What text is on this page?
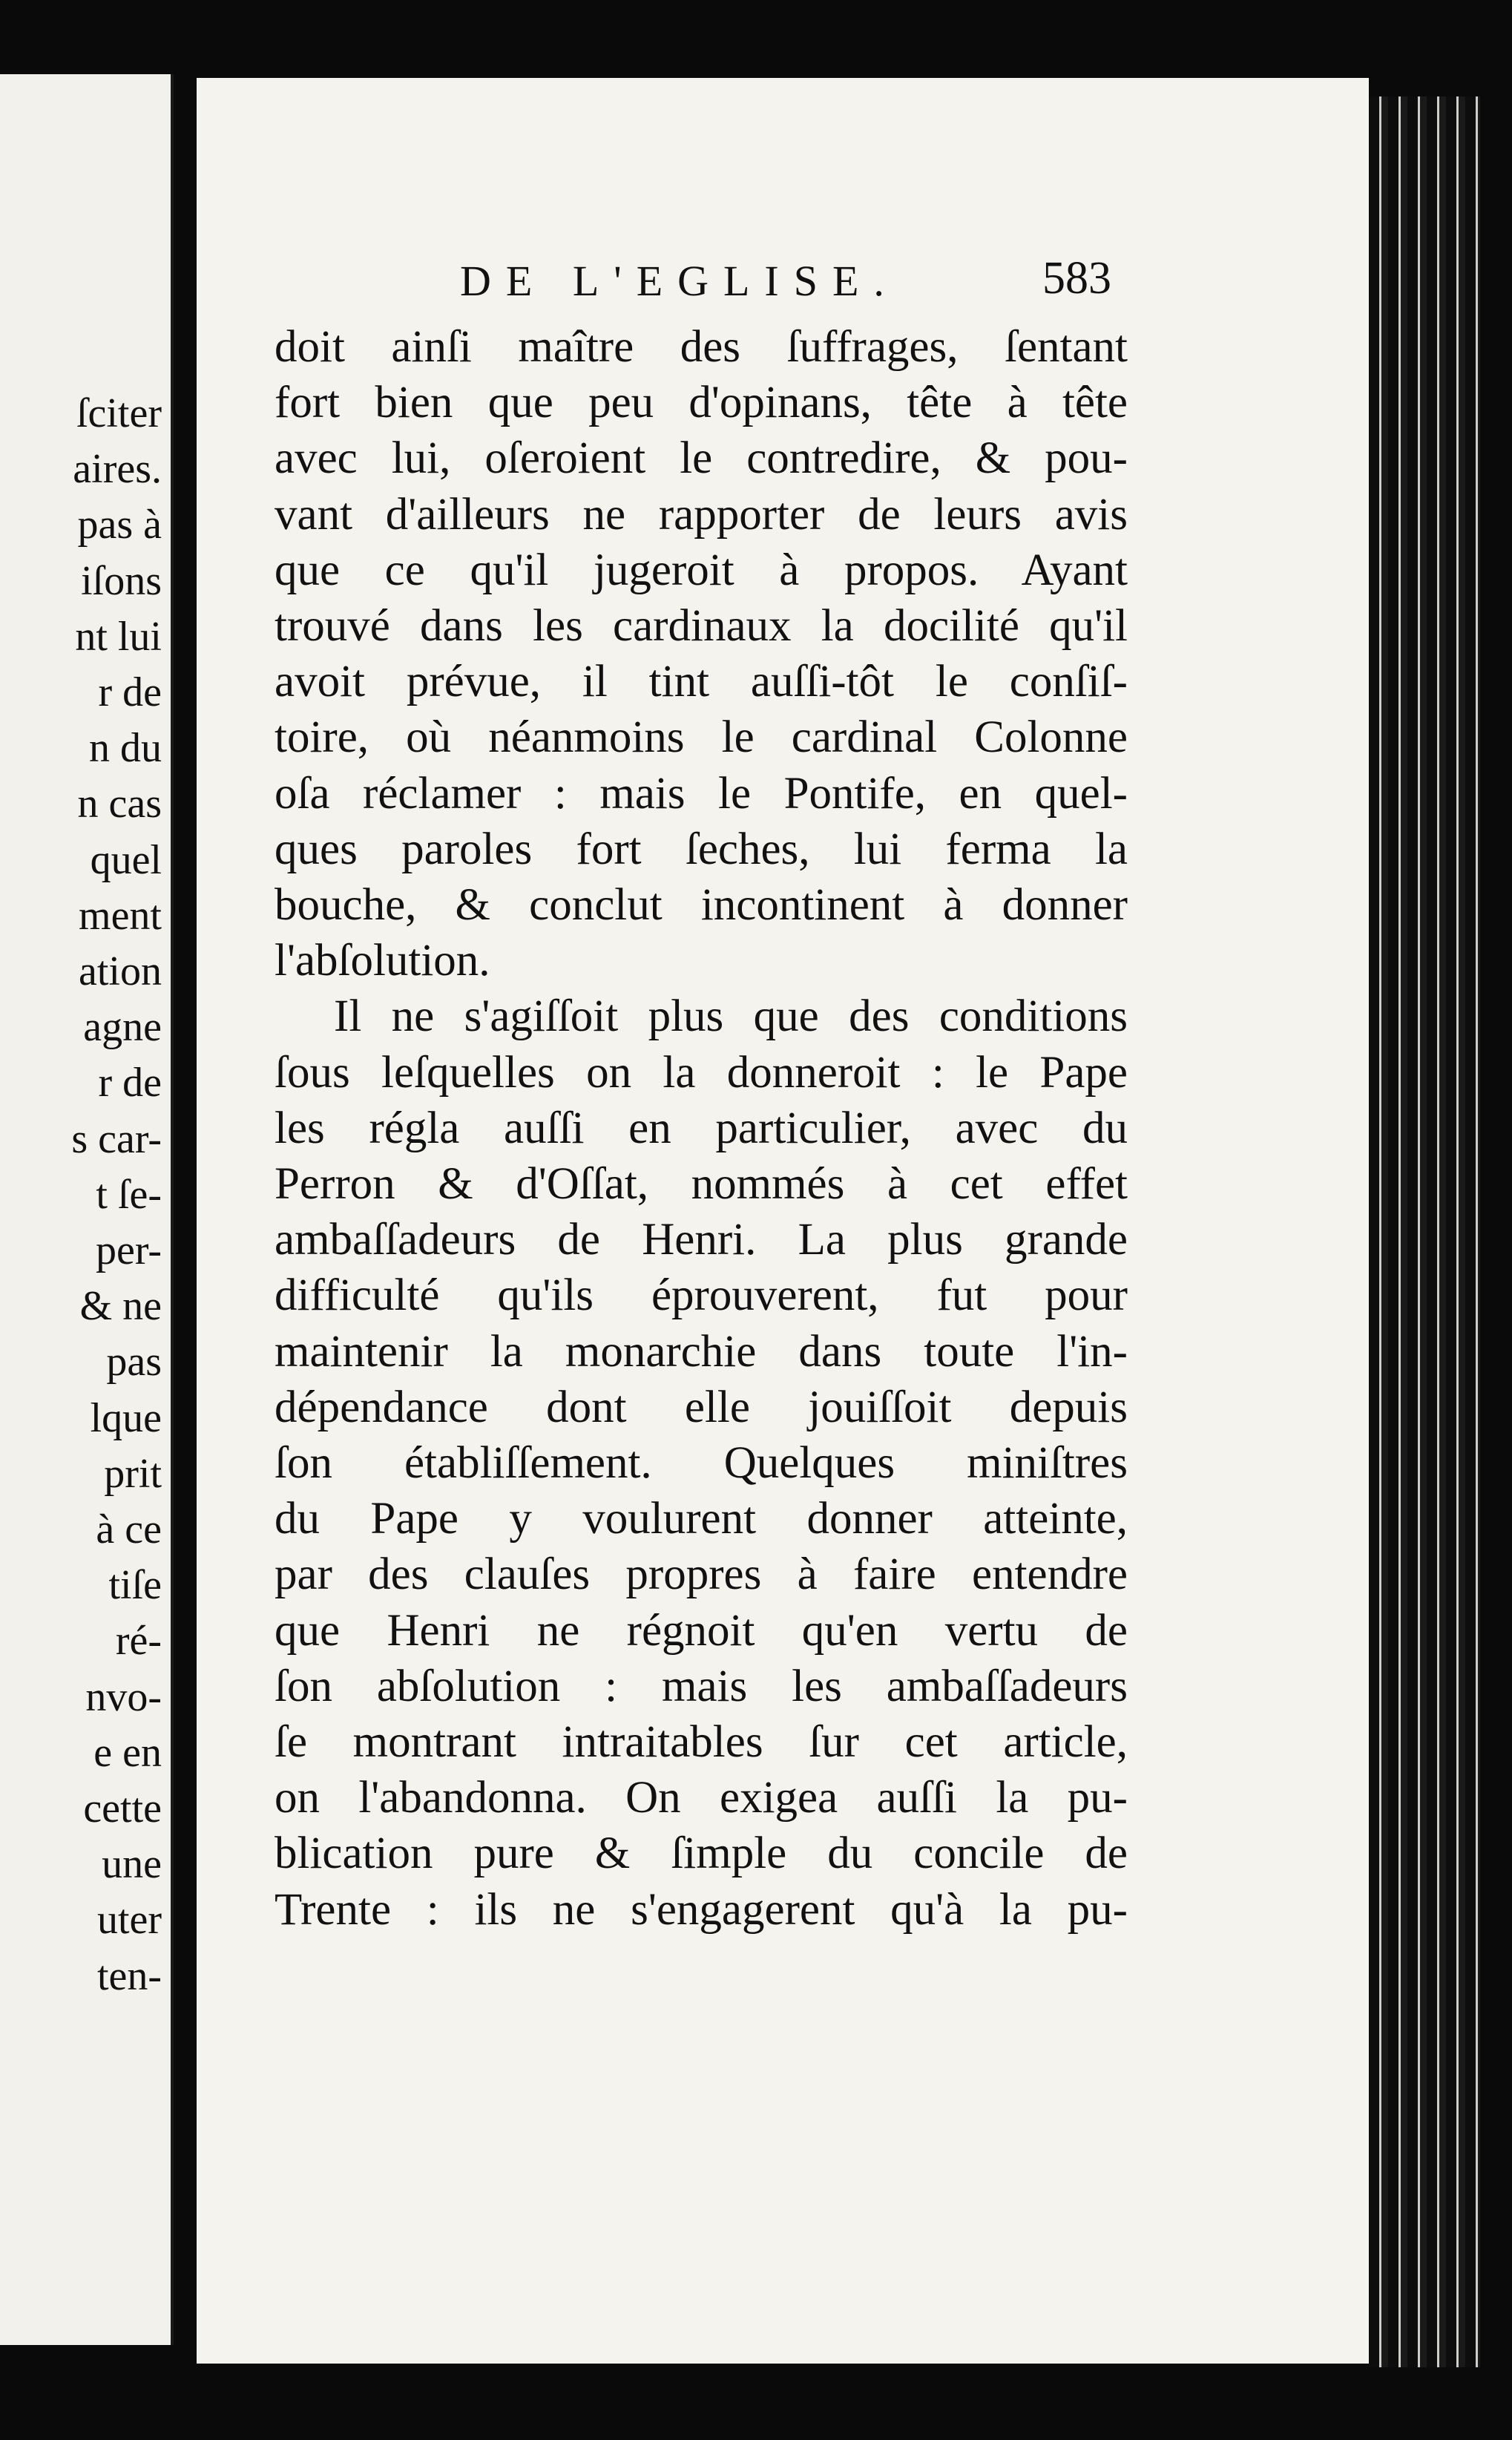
ſciter
aires.
pas à
iſons
nt lui
r de
n du
n cas
quel
ment
ation
agne
r de
s car-
t ſe-
per-
& ne
pas
lque
prit
à ce
tiſe
ré-
nvo-
e en
cette
une
uter
ten-
DE L'EGLISE.	583
doit ainſi maître des ſuffrages, ſentant
fort bien que peu d'opinans, tête à tête
avec lui, oſeroient le contredire, & pou-
vant d'ailleurs ne rapporter de leurs avis
que ce qu'il jugeroit à propos. Ayant
trouvé dans les cardinaux la docilité qu'il
avoit prévue, il tint auſſi-tôt le conſiſ-
toire, où néanmoins le cardinal Colonne
oſa réclamer : mais le Pontife, en quel-
ques paroles fort ſeches, lui ferma la
bouche, & conclut incontinent à donner
l'abſolution.
Il ne s'agiſſoit plus que des conditions
ſous leſquelles on la donneroit : le Pape
les régla auſſi en particulier, avec du
Perron & d'Oſſat, nommés à cet effet
ambaſſadeurs de Henri. La plus grande
difficulté qu'ils éprouverent, fut pour
maintenir la monarchie dans toute l'in-
dépendance dont elle jouiſſoit depuis
ſon établiſſement. Quelques miniſtres
du Pape y voulurent donner atteinte,
par des clauſes propres à faire entendre
que Henri ne régnoit qu'en vertu de
ſon abſolution : mais les ambaſſadeurs
ſe montrant intraitables ſur cet article,
on l'abandonna. On exigea auſſi la pu-
blication pure & ſimple du concile de
Trente : ils ne s'engagerent qu'à la pu-
